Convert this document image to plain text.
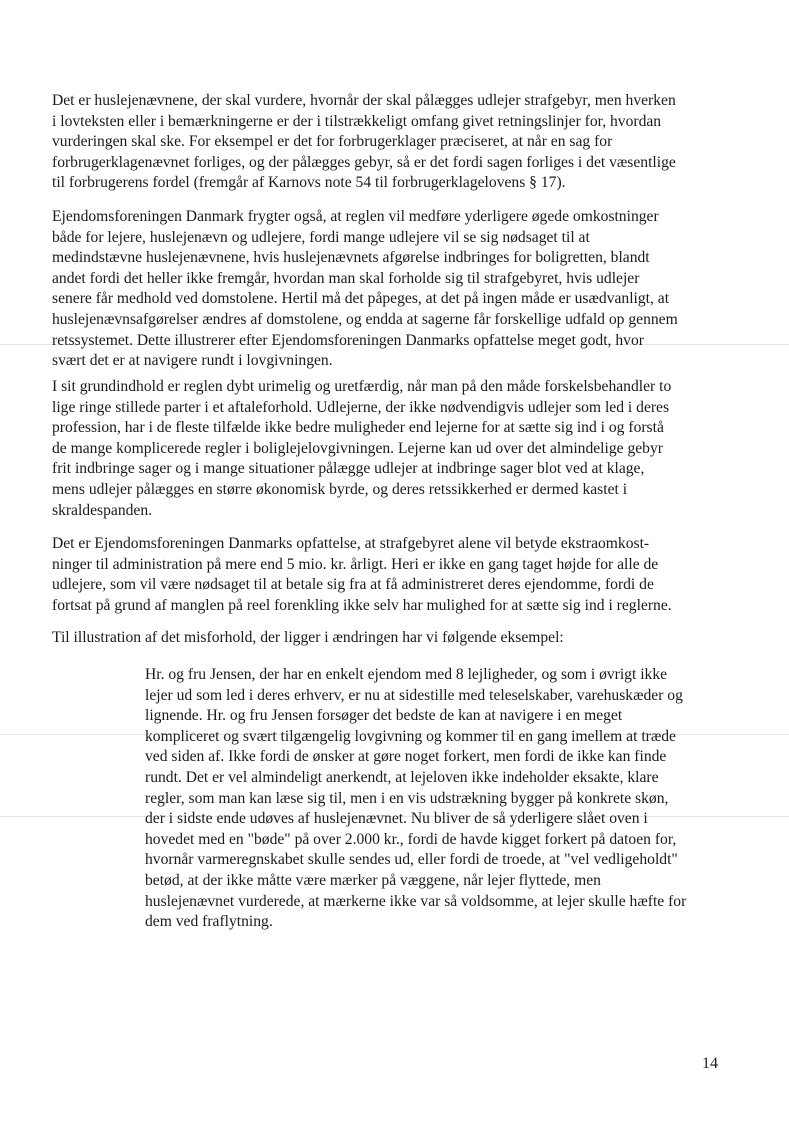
Det er huslejenævnene, der skal vurdere, hvornår der skal pålægges udlejer strafgebyr, men hverken
i lovteksten eller i bemærkningerne er der i tilstrækkeligt omfang givet retningslinjer for, hvordan
vurderingen skal ske. For eksempel er det for forbrugerklager præciseret, at når en sag for
forbrugerklagenævnet forliges, og der pålægges gebyr, så er det fordi sagen forliges i det væsentlige
til forbrugerens fordel (fremgår af Karnovs note 54 til forbrugerklagelovens § 17).

Ejendomsforeningen Danmark frygter også, at reglen vil medføre yderligere øgede omkostninger
både for lejere, huslejenævn og udlejere, fordi mange udlejere vil se sig nødsaget til at
medindstævne huslejenævnene, hvis huslejenævnets afgørelse indbringes for boligretten, blandt
andet fordi det heller ikke fremgår, hvordan man skal forholde sig til strafgebyret, hvis udlejer
senere får medhold ved domstolene. Hertil må det påpeges, at det på ingen måde er usædvanligt, at
huslejenævnsafgørelser ændres af domstolene, og endda at sagerne får forskellige udfald op gennem
retssystemet. Dette illustrerer efter Ejendomsforeningen Danmarks opfattelse meget godt, hvor
svært det er at navigere rundt i lovgivningen.

I sit grundindhold er reglen dybt urimelig og uretfærdig, når man på den måde forskelsbehandler to
lige ringe stillede parter i et aftaleforhold. Udlejerne, der ikke nødvendigvis udlejer som led i deres
profession, har i de fleste tilfælde ikke bedre muligheder end lejerne for at sætte sig ind i og forstå
de mange komplicerede regler i boliglejelovgivningen. Lejerne kan ud over det almindelige gebyr
frit indbringe sager og i mange situationer pålægge udlejer at indbringe sager blot ved at klage,
mens udlejer pålægges en større økonomisk byrde, og deres retssikkerhed er dermed kastet i
skraldespanden.

Det er Ejendomsforeningen Danmarks opfattelse, at strafgebyret alene vil betyde ekstraomkost-
ninger til administration på mere end 5 mio. kr. årligt. Heri er ikke en gang taget højde for alle de
udlejere, som vil være nødsaget til at betale sig fra at få administreret deres ejendomme, fordi de
fortsat på grund af manglen på reel forenkling ikke selv har mulighed for at sætte sig ind i reglerne.

Til illustration af det misforhold, der ligger i ændringen har vi følgende eksempel:

Hr. og fru Jensen, der har en enkelt ejendom med 8 lejligheder, og som i øvrigt ikke
lejer ud som led i deres erhverv, er nu at sidestille med teleselskaber, varehuskæder og
lignende. Hr. og fru Jensen forsøger det bedste de kan at navigere i en meget
kompliceret og svært tilgængelig lovgivning og kommer til en gang imellem at træde
ved siden af. Ikke fordi de ønsker at gøre noget forkert, men fordi de ikke kan finde
rundt. Det er vel almindeligt anerkendt, at lejeloven ikke indeholder eksakte, klare
regler, som man kan læse sig til, men i en vis udstrækning bygger på konkrete skøn,
der i sidste ende udøves af huslejenævnet. Nu bliver de så yderligere slået oven i
hovedet med en "bøde" på over 2.000 kr., fordi de havde kigget forkert på datoen for,
hvornår varmeregnskabet skulle sendes ud, eller fordi de troede, at "vel vedligeholdt"
betød, at der ikke måtte være mærker på væggene, når lejer flyttede, men
huslejenævnet vurderede, at mærkerne ikke var så voldsomme, at lejer skulle hæfte for
dem ved fraflytning.

14
